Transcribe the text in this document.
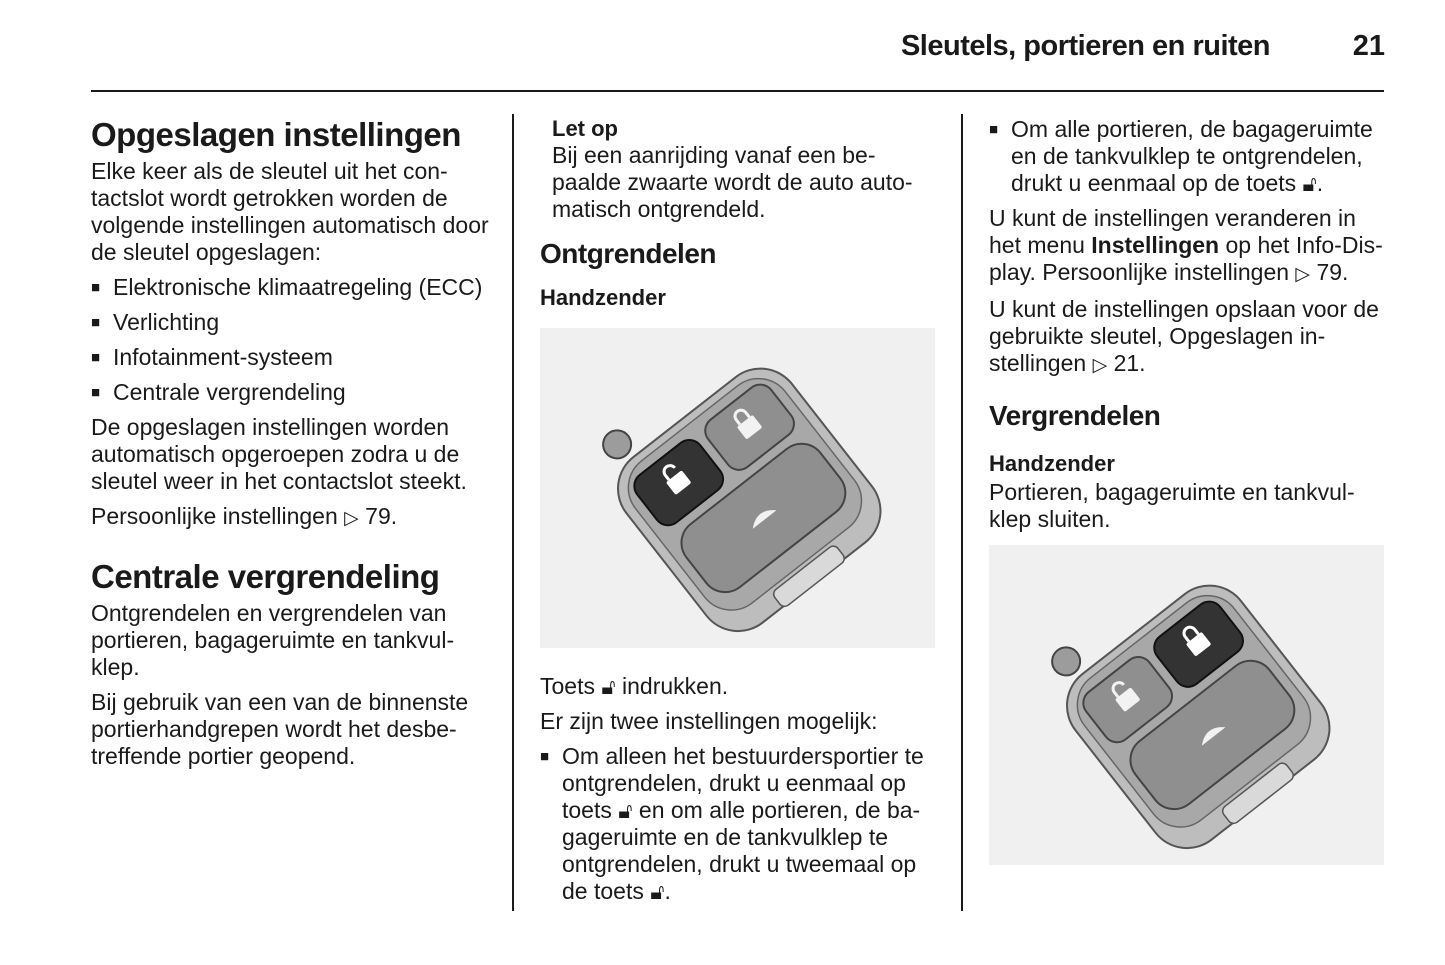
Sleutels, portieren en ruiten	21
Opgeslagen instellingen

Elke keer als de sleutel uit het con-tactslot wordt getrokken worden de volgende instellingen automatisch door de sleutel opgeslagen:

■ Elektronische klimaatregeling (ECC)
■ Verlichting
■ Infotainment-systeem
■ Centrale vergrendeling

De opgeslagen instellingen worden automatisch opgeroepen zodra u de sleutel weer in het contactslot steekt.

Persoonlijke instellingen ▷ 79.

Centrale vergrendeling

Ontgrendelen en vergrendelen van portieren, bagageruimte en tankvul-klep.

Bij gebruik van een van de binnenste portierhandgrepen wordt het desbe-treffende portier geopend.

Let op

Bij een aanrijding vanaf een be-paalde zwaarte wordt de auto auto-matisch ontgrendeld.

Ontgrendelen
Handzender

Toets 🔓︎ indrukken.

Er zijn twee instellingen mogelijk:

■ Om alleen het bestuurdersportier te ontgrendelen, drukt u eenmaal op toets 🔓︎ en om alle portieren, de ba-gageruimte en de tankvulklep te ontgrendelen, drukt u tweemaal op de toets 🔓︎.
■ Om alle portieren, de bagageruimte en de tankvulklep te ontgrendelen, drukt u eenmaal op de toets 🔓︎.

U kunt de instellingen veranderen in het menu Instellingen op het Info-Dis-play. Persoonlijke instellingen ▷ 79.

U kunt de instellingen opslaan voor de gebruikte sleutel, Opgeslagen in-stellingen ▷ 21.

Vergrendelen
Handzender

Portieren, bagageruimte en tankvul-klep sluiten.
